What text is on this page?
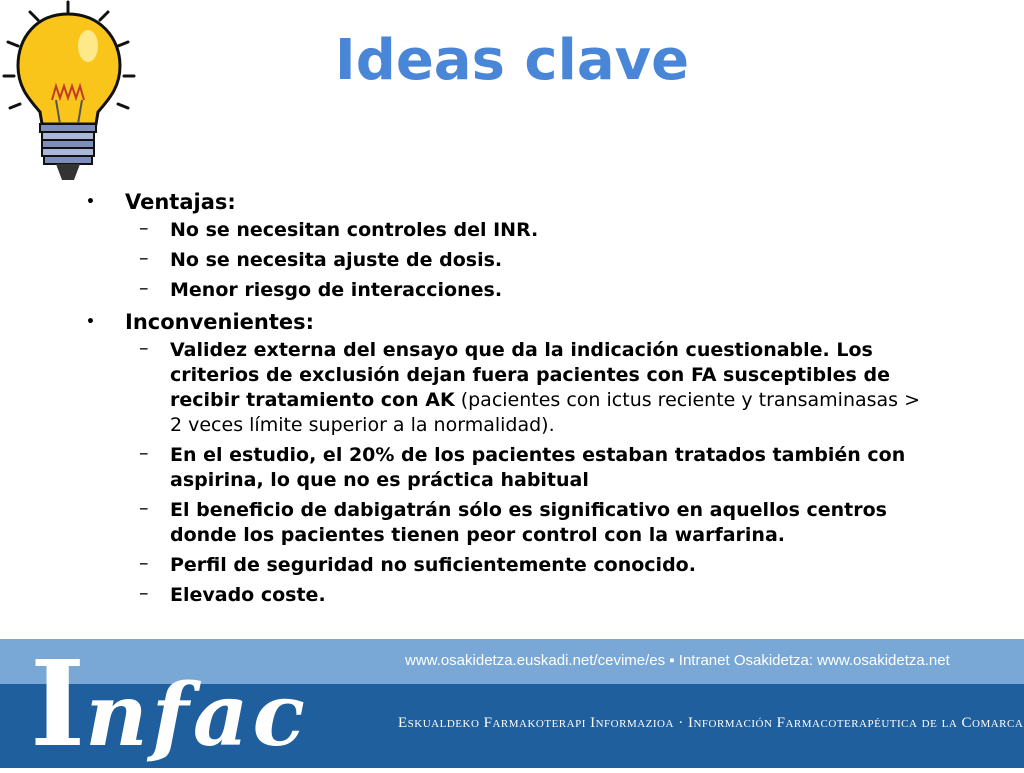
Ideas clave
• Ventajas:
– No se necesitan controles del INR.
– No se necesita ajuste de dosis.
– Menor riesgo de interacciones.
• Inconvenientes:
– Validez externa del ensayo que da la indicación cuestionable. Los criterios de exclusión dejan fuera pacientes con FA susceptibles de recibir tratamiento con AK (pacientes con ictus reciente y transaminasas > 2 veces límite superior a la normalidad).
– En el estudio, el 20% de los pacientes estaban tratados también con aspirina, lo que no es práctica habitual
– El beneficio de dabigatrán sólo es significativo en aquellos centros donde los pacientes tienen peor control con la warfarina.
– Perfil de seguridad no suficientemente conocido.
– Elevado coste.
Infac
www.osakidetza.euskadi.net/cevime/es ▪ Intranet Osakidetza: www.osakidetza.net
Eskualdeko Farmakoterapi Informazioa · Información Farmacoterapéutica de la Comarca
